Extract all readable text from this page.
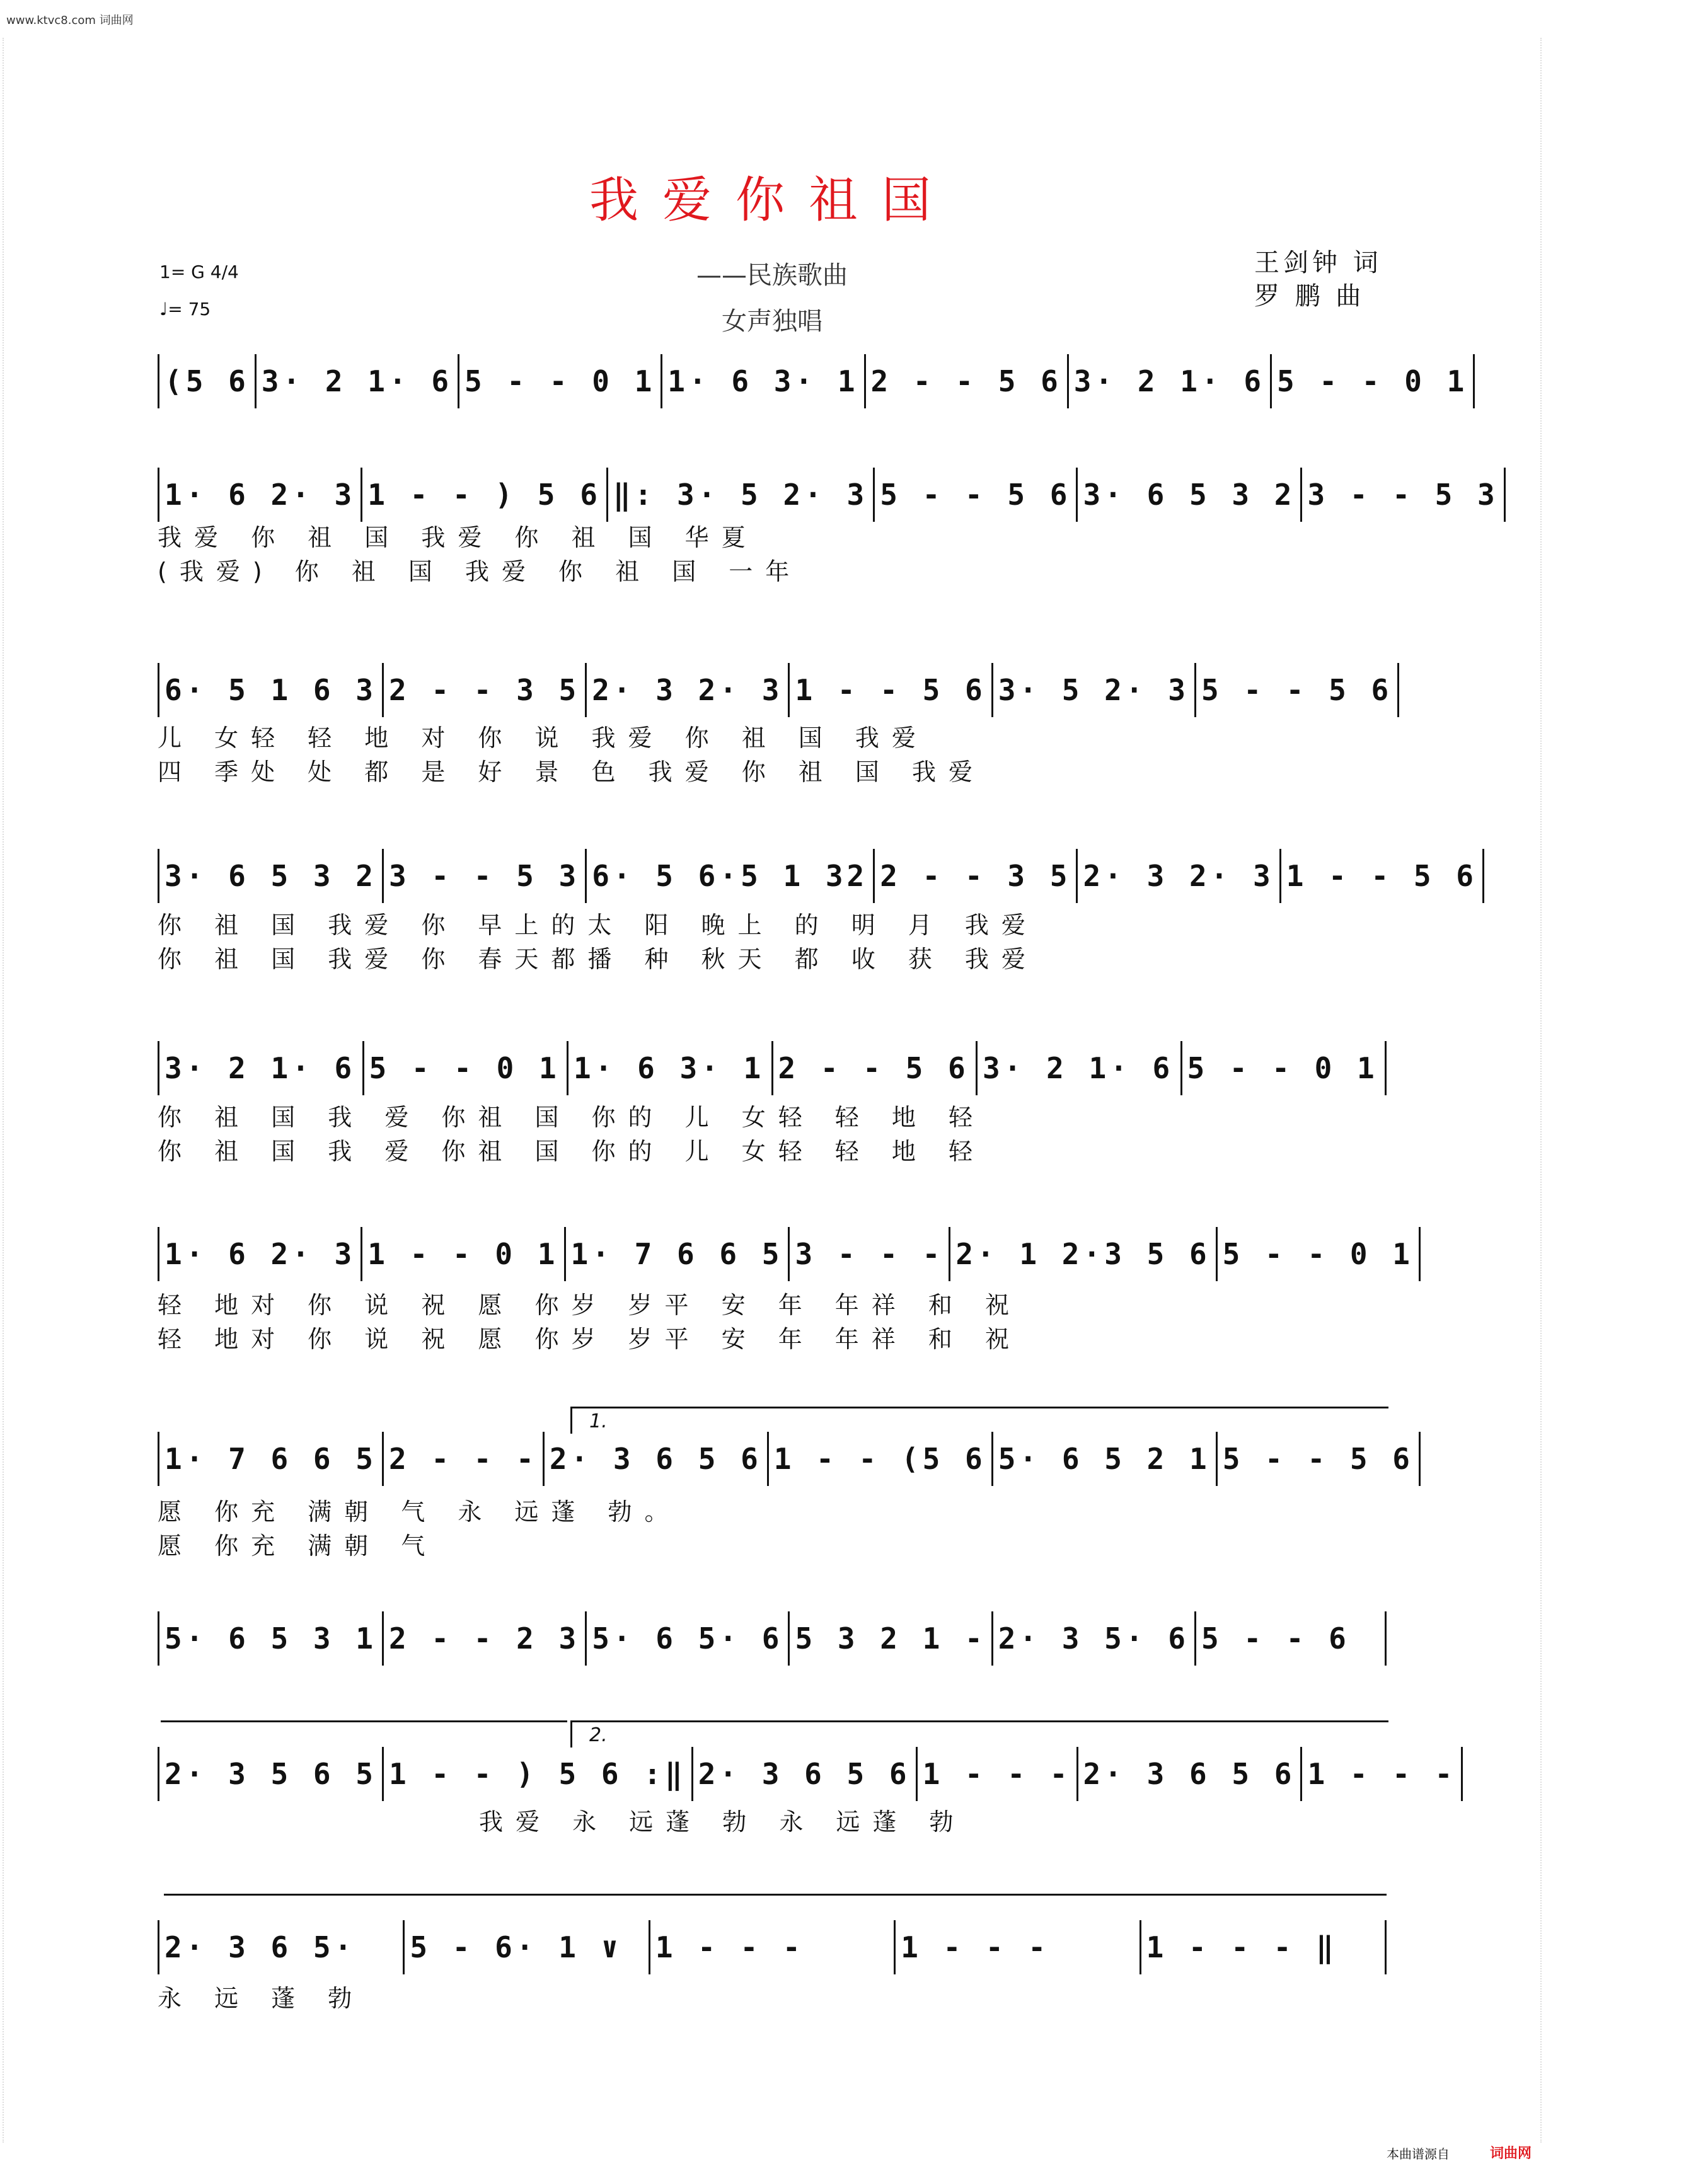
www.ktvc8.com 词曲网
我爱你祖国
——民族歌曲
女声独唱
1= G 4/4
♩= 75
王剑钟 词
罗 鹏 曲
(5 6 3· 2 1· 6 5 - - 0 1 1· 6 3· 1 2 - - 5 6 3· 2 1· 6 5 - - 0 1
1· 6 2· 3 1 - - ) 5 6 ‖: 3· 5 2· 3 5 - - 5 6 3· 6 5 3 2 3 - - 5 3
6· 5 1 6 3 2 - - 3 5 2· 3 2· 3 1 - - 5 6 3· 5 2· 3 5 - - 5 6
3· 6 5 3 2 3 - - 5 3 6· 5 6·5 1 32 2 - - 3 5 2· 3 2· 3 1 - - 5 6
3· 2 1· 6 5 - - 0 1 1· 6 3· 1 2 - - 5 6 3· 2 1· 6 5 - - 0 1
1· 6 2· 3 1 - - 0 1 1· 7 6 6 5 3 - - - 2· 1 2·3 5 6 5 - - 0 1
1· 7 6 6 5 2 - - - 2· 3 6 5 6 1 - - (5 6 5· 6 5 2 1 5 - - 5 6
5· 6 5 3 1 2 - - 2 3 5· 6 5· 6 5 3 2 1 - 2· 3 5· 6 5 - - 6
2· 3 5 6 5 1 - - ) 5 6 :‖ 2· 3 6 5 6 1 - - - 2· 3 6 5 6 1 - - -
2· 3 6 5·	5 - 6· 1 ∨	1 - - -	1 - - -	1 - - - ‖
我爱 你 祖 国 我爱 你 祖 国 华夏
(我爱) 你 祖 国 我爱 你 祖 国 一年
儿 女轻 轻 地 对 你 说 我爱 你 祖 国 我爱
四 季处 处 都 是 好 景 色 我爱 你 祖 国 我爱
你 祖 国 我爱 你 早上的太 阳 晚上 的 明 月 我爱
你 祖 国 我爱 你 春天都播 种 秋天 都 收 获 我爱
你 祖 国 我 爱 你祖 国 你的 儿 女轻 轻 地 轻
你 祖 国 我 爱 你祖 国 你的 儿 女轻 轻 地 轻
轻 地对 你 说 祝 愿 你岁 岁平 安 年 年祥 和 祝
轻 地对 你 说 祝 愿 你岁 岁平 安 年 年祥 和 祝
愿 你充 满朝 气 永 远蓬 勃。
愿 你充 满朝 气
我爱 永 远蓬 勃 永 远蓬 勃
永 远 蓬 勃
1.
2.
本曲谱源自	词曲网
